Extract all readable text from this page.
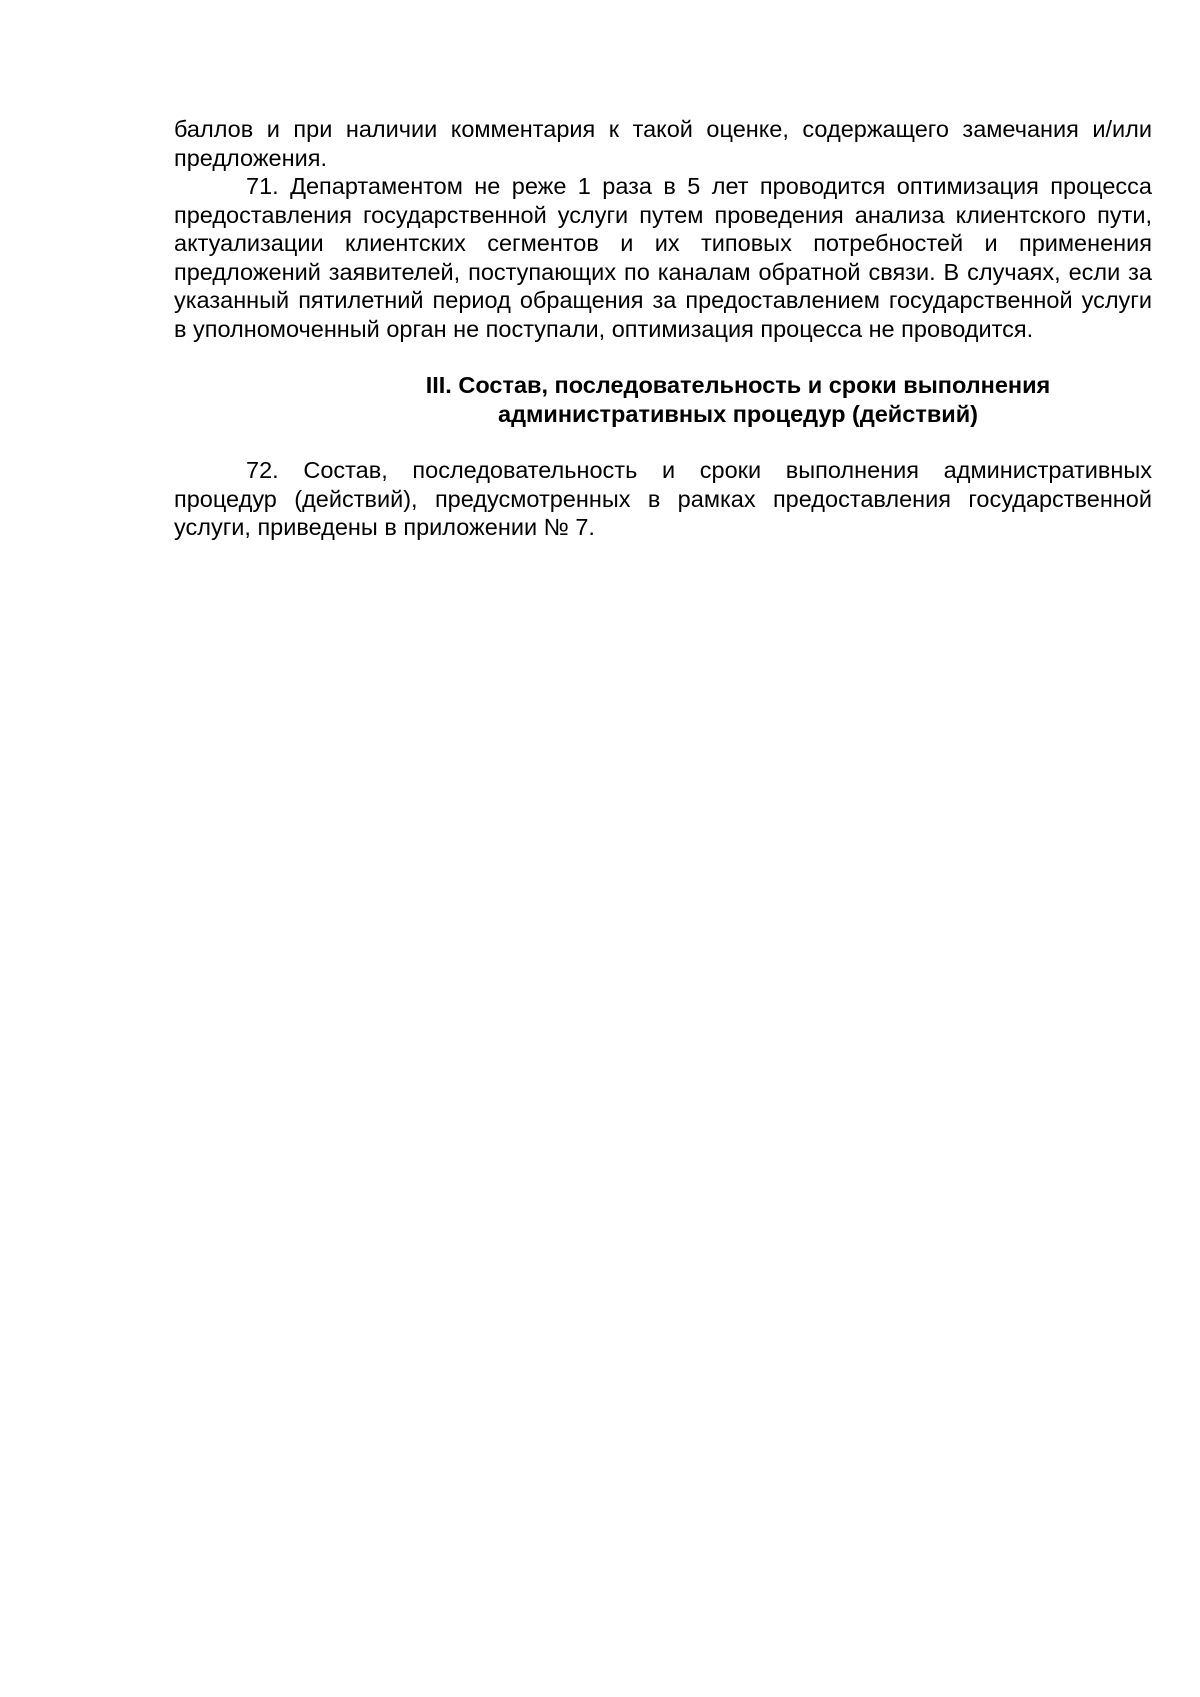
баллов и при наличии комментария к такой оценке, содержащего замечания и/или предложения.

71. Департаментом не реже 1 раза в 5 лет проводится оптимизация процесса предоставления государственной услуги путем проведения анализа клиентского пути, актуализации клиентских сегментов и их типовых потребностей и применения предложений заявителей, поступающих по каналам обратной связи. В случаях, если за указанный пятилетний период обращения за предоставлением государственной услуги в уполномоченный орган не поступали, оптимизация процесса не проводится.

III. Состав, последовательность и сроки выполнения
административных процедур (действий)

72. Состав, последовательность и сроки выполнения административных процедур (действий), предусмотренных в рамках предоставления государственной услуги, приведены в приложении № 7.
